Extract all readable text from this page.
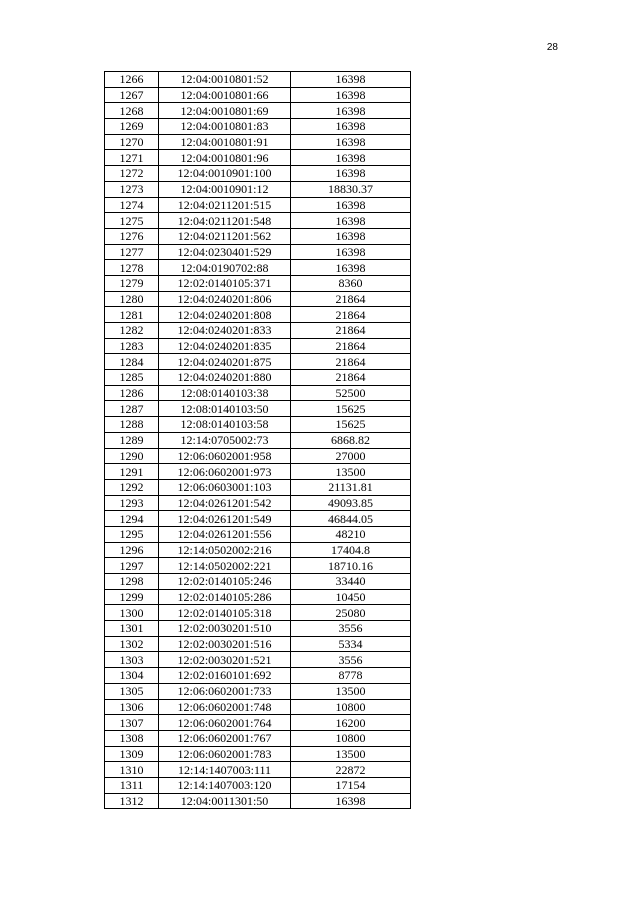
28
1266	12:04:0010801:52	16398
1267	12:04:0010801:66	16398
1268	12:04:0010801:69	16398
1269	12:04:0010801:83	16398
1270	12:04:0010801:91	16398
1271	12:04:0010801:96	16398
1272	12:04:0010901:100	16398
1273	12:04:0010901:12	18830.37
1274	12:04:0211201:515	16398
1275	12:04:0211201:548	16398
1276	12:04:0211201:562	16398
1277	12:04:0230401:529	16398
1278	12:04:0190702:88	16398
1279	12:02:0140105:371	8360
1280	12:04:0240201:806	21864
1281	12:04:0240201:808	21864
1282	12:04:0240201:833	21864
1283	12:04:0240201:835	21864
1284	12:04:0240201:875	21864
1285	12:04:0240201:880	21864
1286	12:08:0140103:38	52500
1287	12:08:0140103:50	15625
1288	12:08:0140103:58	15625
1289	12:14:0705002:73	6868.82
1290	12:06:0602001:958	27000
1291	12:06:0602001:973	13500
1292	12:06:0603001:103	21131.81
1293	12:04:0261201:542	49093.85
1294	12:04:0261201:549	46844.05
1295	12:04:0261201:556	48210
1296	12:14:0502002:216	17404.8
1297	12:14:0502002:221	18710.16
1298	12:02:0140105:246	33440
1299	12:02:0140105:286	10450
1300	12:02:0140105:318	25080
1301	12:02:0030201:510	3556
1302	12:02:0030201:516	5334
1303	12:02:0030201:521	3556
1304	12:02:0160101:692	8778
1305	12:06:0602001:733	13500
1306	12:06:0602001:748	10800
1307	12:06:0602001:764	16200
1308	12:06:0602001:767	10800
1309	12:06:0602001:783	13500
1310	12:14:1407003:111	22872
1311	12:14:1407003:120	17154
1312	12:04:0011301:50	16398
